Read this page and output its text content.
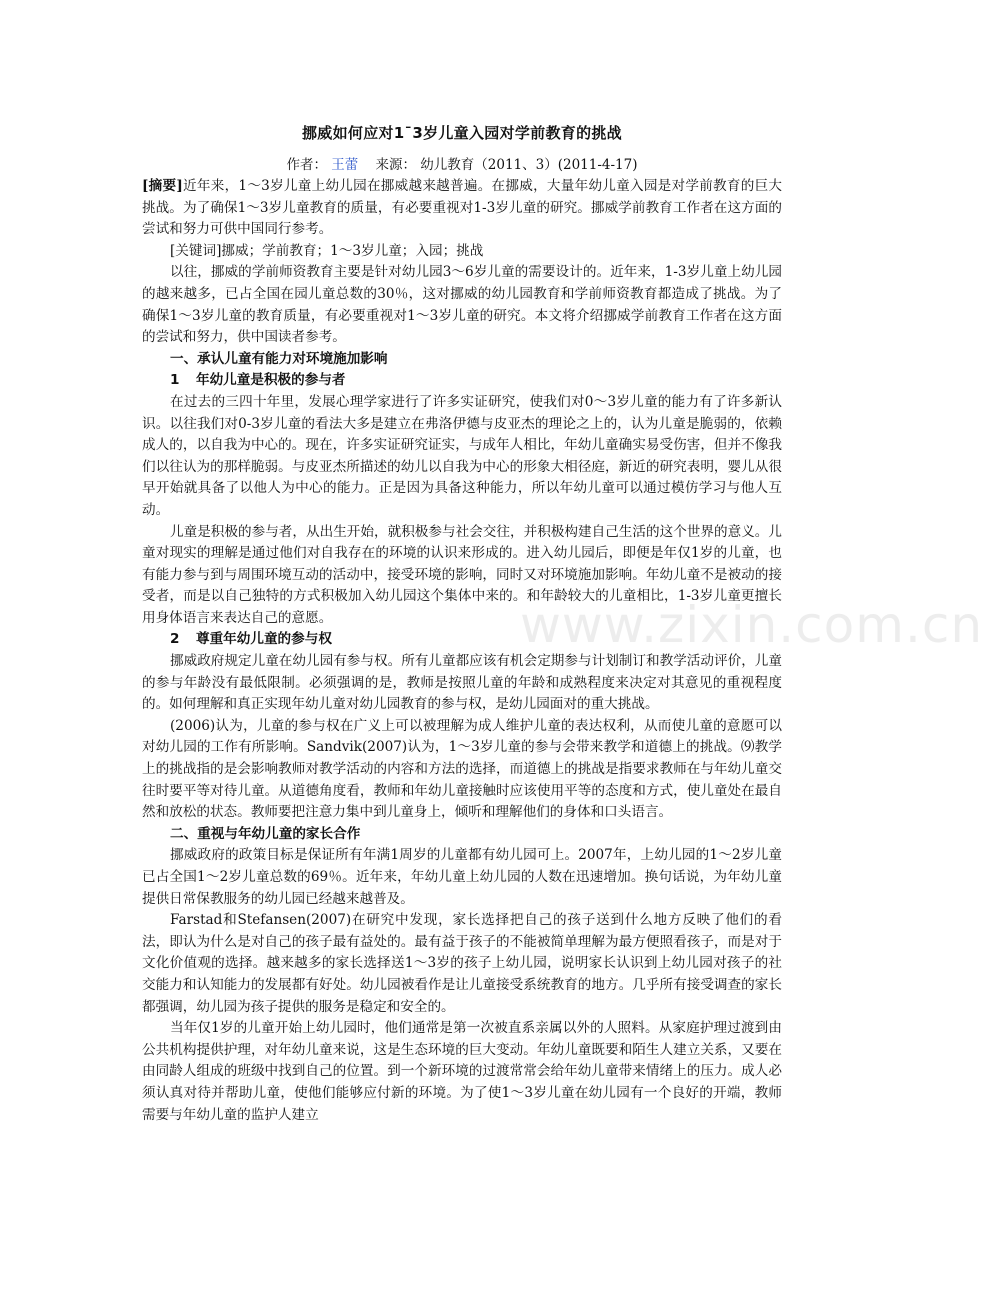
挪威如何应对1¯3岁儿童入园对学前教育的挑战
作者： 王蕾 来源： 幼儿教育（2011、3）(2011-4-17)

[摘要]近年来，1～3岁儿童上幼儿园在挪威越来越普遍。在挪威，大量年幼儿童入园是对学前教育的巨大挑战。为了确保1～3岁儿童教育的质量，有必要重视对1-3岁儿童的研究。挪威学前教育工作者在这方面的尝试和努力可供中国同行参考。

[关键词]挪威；学前教育；1～3岁儿童；入园；挑战

以往，挪威的学前师资教育主要是针对幼儿园3～6岁儿童的需要设计的。近年来，1-3岁儿童上幼儿园的越来越多，已占全国在园儿童总数的30％，这对挪威的幼儿园教育和学前师资教育都造成了挑战。为了确保1～3岁儿童的教育质量，有必要重视对1～3岁儿童的研究。本文将介绍挪威学前教育工作者在这方面的尝试和努力，供中国读者参考。

一、承认儿童有能力对环境施加影响

1 年幼儿童是积极的参与者

在过去的三四十年里，发展心理学家进行了许多实证研究，使我们对0～3岁儿童的能力有了许多新认识。以往我们对0-3岁儿童的看法大多是建立在弗洛伊德与皮亚杰的理论之上的，认为儿童是脆弱的，依赖成人的，以自我为中心的。现在，许多实证研究证实，与成年人相比，年幼儿童确实易受伤害，但并不像我们以往认为的那样脆弱。与皮亚杰所描述的幼儿以自我为中心的形象大相径庭，新近的研究表明，婴儿从很早开始就具备了以他人为中心的能力。正是因为具备这种能力，所以年幼儿童可以通过模仿学习与他人互动。

儿童是积极的参与者，从出生开始，就积极参与社会交往，并积极构建自己生活的这个世界的意义。儿童对现实的理解是通过他们对自我存在的环境的认识来形成的。进入幼儿园后，即便是年仅1岁的儿童，也有能力参与到与周围环境互动的活动中，接受环境的影响，同时又对环境施加影响。年幼儿童不是被动的接受者，而是以自己独特的方式积极加入幼儿园这个集体中来的。和年龄较大的儿童相比，1-3岁儿童更擅长用身体语言来表达自己的意愿。

2 尊重年幼儿童的参与权

挪威政府规定儿童在幼儿园有参与权。所有儿童都应该有机会定期参与计划制订和教学活动评价，儿童的参与年龄没有最低限制。必须强调的是，教师是按照儿童的年龄和成熟程度来决定对其意见的重视程度的。如何理解和真正实现年幼儿童对幼儿园教育的参与权，是幼儿园面对的重大挑战。

(2006)认为，儿童的参与权在广义上可以被理解为成人维护儿童的表达权利，从而使儿童的意愿可以对幼儿园的工作有所影响。Sandvik(2007)认为，1～3岁儿童的参与会带来教学和道德上的挑战。⑼教学上的挑战指的是会影响教师对教学活动的内容和方法的选择，而道德上的挑战是指要求教师在与年幼儿童交往时要平等对待儿童。从道德角度看，教师和年幼儿童接触时应该使用平等的态度和方式，使儿童处在最自然和放松的状态。教师要把注意力集中到儿童身上，倾听和理解他们的身体和口头语言。

二、重视与年幼儿童的家长合作

挪威政府的政策目标是保证所有年满1周岁的儿童都有幼儿园可上。2007年，上幼儿园的1～2岁儿童已占全国1～2岁儿童总数的69％。近年来，年幼儿童上幼儿园的人数在迅速增加。换句话说，为年幼儿童提供日常保教服务的幼儿园已经越来越普及。

Farstad和Stefansen(2007)在研究中发现，家长选择把自己的孩子送到什么地方反映了他们的看法，即认为什么是对自己的孩子最有益处的。最有益于孩子的不能被简单理解为最方便照看孩子，而是对于文化价值观的选择。越来越多的家长选择送1～3岁的孩子上幼儿园，说明家长认识到上幼儿园对孩子的社交能力和认知能力的发展都有好处。幼儿园被看作是让儿童接受系统教育的地方。几乎所有接受调查的家长都强调，幼儿园为孩子提供的服务是稳定和安全的。

当年仅1岁的儿童开始上幼儿园时，他们通常是第一次被直系亲属以外的人照料。从家庭护理过渡到由公共机构提供护理，对年幼儿童来说，这是生态环境的巨大变动。年幼儿童既要和陌生人建立关系，又要在由同龄人组成的班级中找到自己的位置。到一个新环境的过渡常常会给年幼儿童带来情绪上的压力。成人必须认真对待并帮助儿童，使他们能够应付新的环境。为了使1～3岁儿童在幼儿园有一个良好的开端，教师需要与年幼儿童的监护人建立

www.zixin.com.cn
